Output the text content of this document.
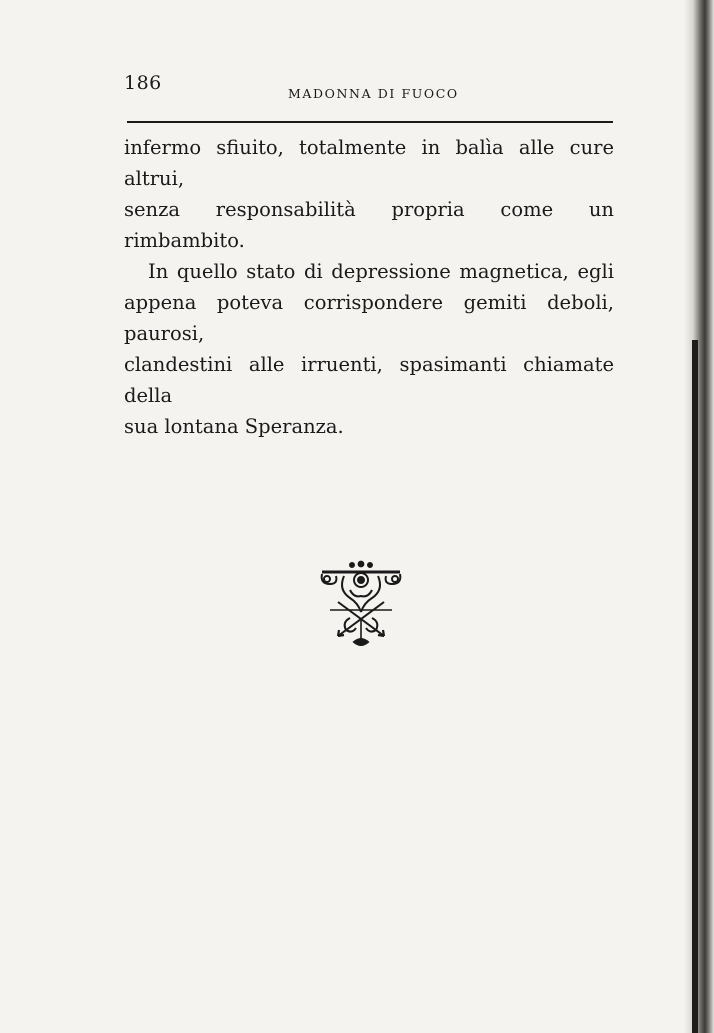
186	MADONNA DI FUOCO

infermo sfiuito, totalmente in balìa alle cure altrui,

senza responsabilità propria come un rimbambito.

In quello stato di depressione magnetica, egli

appena poteva corrispondere gemiti deboli, paurosi,

clandestini alle irruenti, spasimanti chiamate della

sua lontana Speranza.
